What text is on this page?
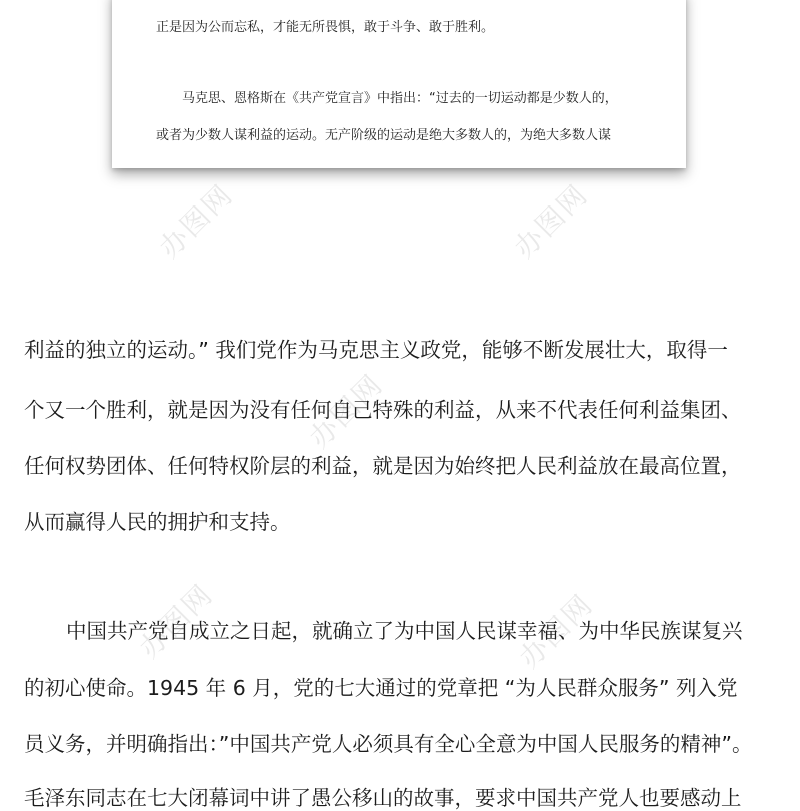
正是因为公而忘私，才能无所畏惧，敢于斗争、敢于胜利。

马克思、恩格斯在《共产党宣言》中指出：“过去的一切运动都是少数人的，

或者为少数人谋利益的运动。无产阶级的运动是绝大多数人的，为绝大多数人谋

办图网	办图网
办图网
办图网	办图网
利益的独立的运动。” 我们党作为马克思主义政党，能够不断发展壮大，取得一
个又一个胜利，就是因为没有任何自己特殊的利益，从来不代表任何利益集团、
任何权势团体、任何特权阶层的利益，就是因为始终把人民利益放在最高位置，
从而赢得人民的拥护和支持。
中国共产党自成立之日起，就确立了为中国人民谋幸福、为中华民族谋复兴
的初心使命。1945 年 6 月，党的七大通过的党章把 “为人民群众服务” 列入党
员义务，并明确指出：”中国共产党人必须具有全心全意为中国人民服务的精神”。
毛泽东同志在七大闭幕词中讲了愚公移山的故事，要求中国共产党人也要感动上
